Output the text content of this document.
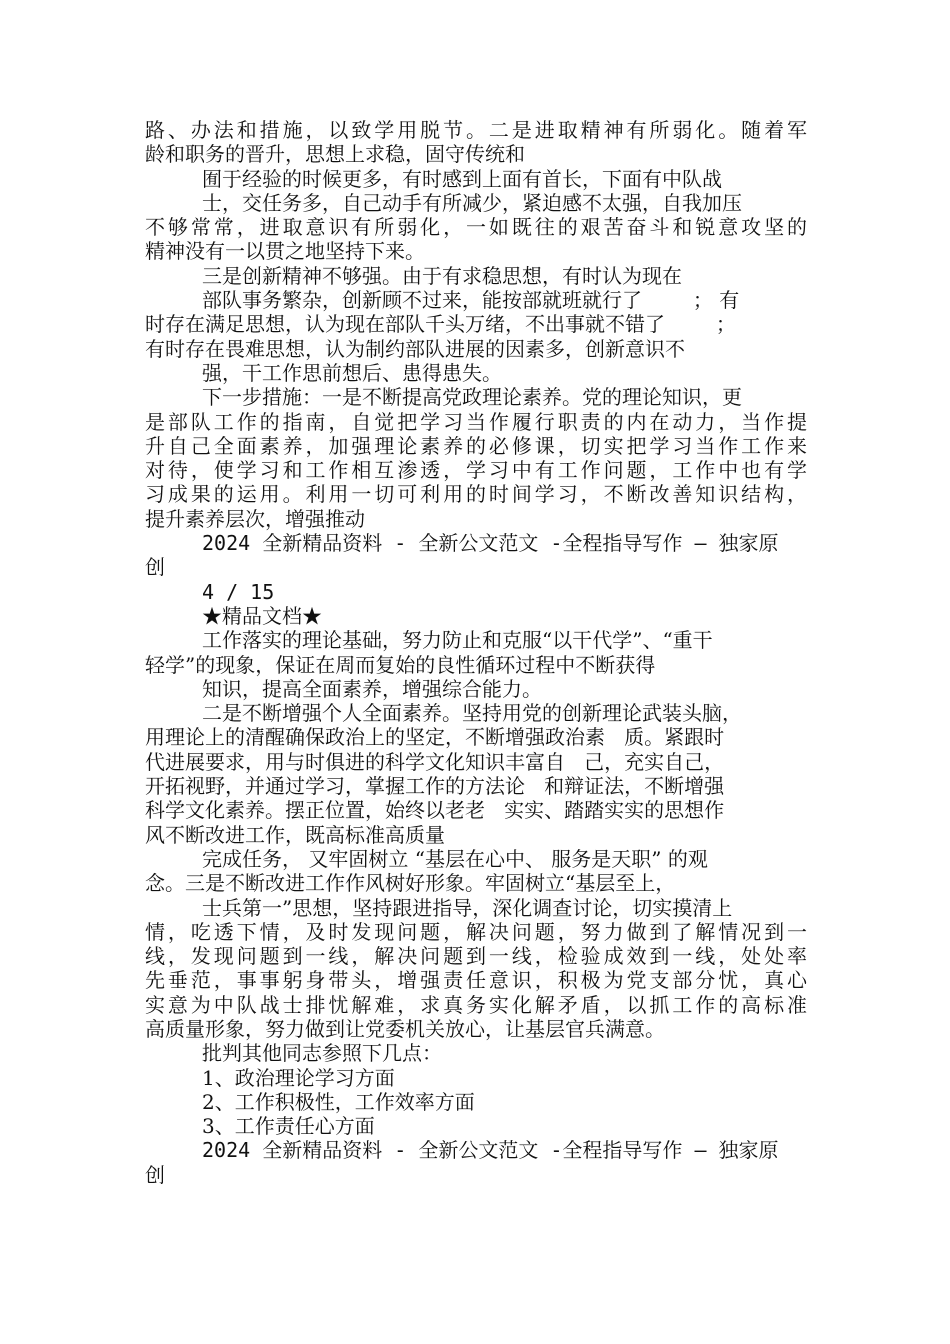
路、办法和措施，以致学用脱节。二是进取精神有所弱化。随着军
龄和职务的晋升，思想上求稳，固守传统和
囿于经验的时候更多，有时感到上面有首长，下面有中队战
士，交任务多，自己动手有所减少，紧迫感不太强，自我加压
不够常常，进取意识有所弱化，一如既往的艰苦奋斗和锐意攻坚的
精神没有一以贯之地坚持下来。
三是创新精神不够强。由于有求稳思想，有时认为现在
部队事务繁杂，创新顾不过来，能按部就班就行了        ； 有
时存在满足思想，认为现在部队千头万绪，不出事就不错了        ；
有时存在畏难思想，认为制约部队进展的因素多，创新意识不
强，干工作思前想后、患得患失。
下一步措施：一是不断提高党政理论素养。党的理论知识，更
是部队工作的指南，自觉把学习当作履行职责的内在动力，当作提
升自己全面素养，加强理论素养的必修课，切实把学习当作工作来
对待，使学习和工作相互渗透，学习中有工作问题，工作中也有学
习成果的运用。利用一切可利用的时间学习，不断改善知识结构，
提升素养层次，增强推动
2024 全新精品资料 - 全新公文范文 -全程指导写作 – 独家原
创
4 / 15
★精品文档★
工作落实的理论基础，努力防止和克服“以干代学”、“重干
轻学”的现象，保证在周而复始的良性循环过程中不断获得
知识，提高全面素养，增强综合能力。
二是不断增强个人全面素养。坚持用党的创新理论武装头脑，
用理论上的清醒确保政治上的坚定，不断增强政治素   质。紧跟时
代进展要求，用与时俱进的科学文化知识丰富自   己，充实自己，
开拓视野，并通过学习，掌握工作的方法论   和辩证法，不断增强
科学文化素养。摆正位置，始终以老老   实实、踏踏实实的思想作
风不断改进工作，既高标准高质量
完成任务， 又牢固树立 “基层在心中、 服务是天职” 的观
念。三是不断改进工作作风树好形象。牢固树立“基层至上，
士兵第一”思想，坚持跟进指导，深化调查讨论，切实摸清上
情，吃透下情，及时发现问题，解决问题，努力做到了解情况到一
线，发现问题到一线，解决问题到一线，检验成效到一线，处处率
先垂范，事事躬身带头，增强责任意识，积极为党支部分忧，真心
实意为中队战士排忧解难，求真务实化解矛盾，以抓工作的高标准
高质量形象，努力做到让党委机关放心，让基层官兵满意。
批判其他同志参照下几点：
1、政治理论学习方面
2、工作积极性，工作效率方面
3、工作责任心方面
2024 全新精品资料 - 全新公文范文 -全程指导写作 – 独家原
创
